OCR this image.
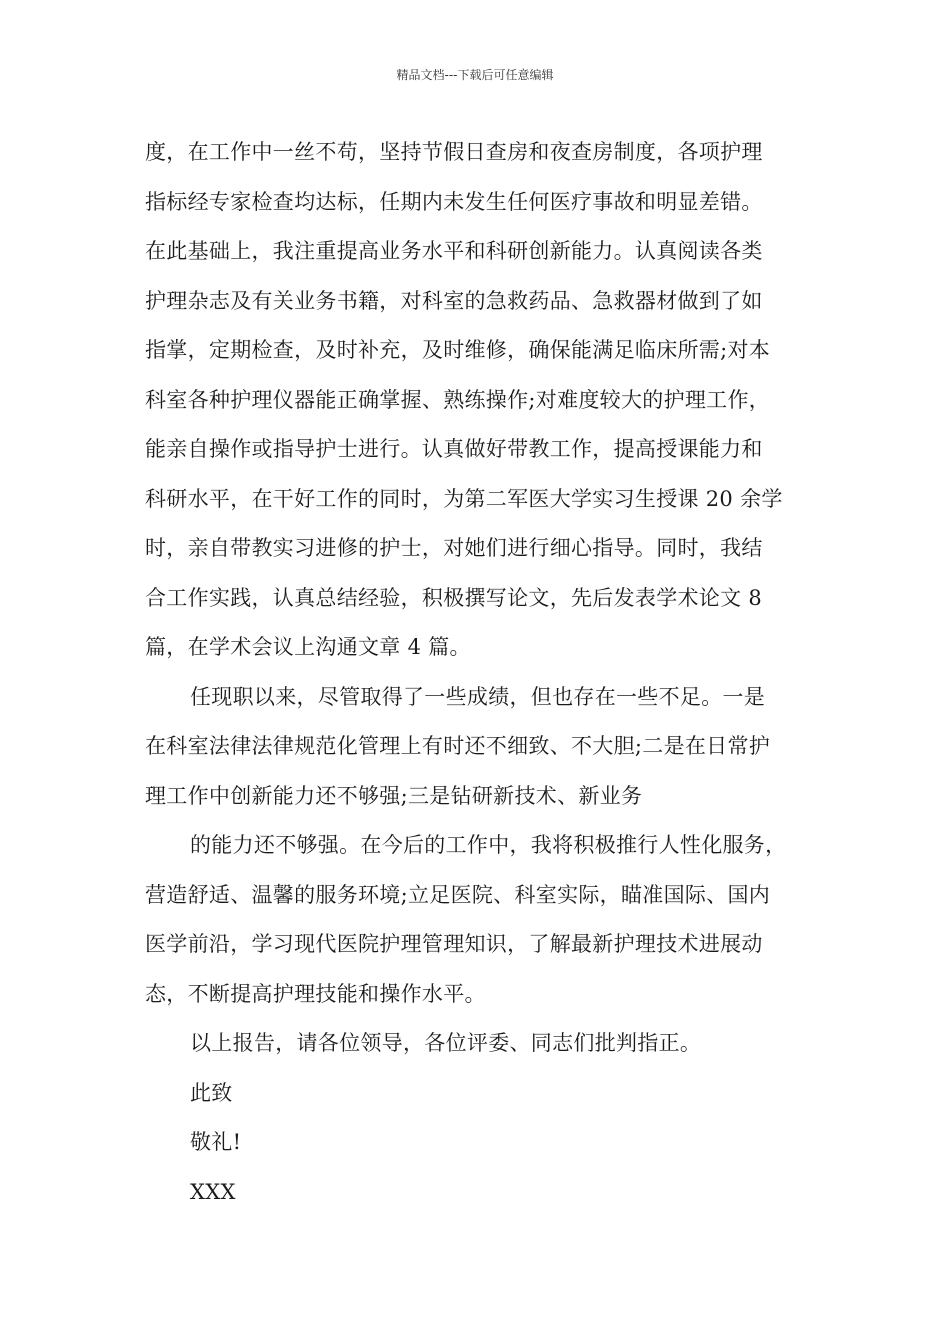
精品文档---下载后可任意编辑
度，在工作中一丝不苟，坚持节假日查房和夜查房制度，各项护理
指标经专家检查均达标，任期内未发生任何医疗事故和明显差错。
在此基础上，我注重提高业务水平和科研创新能力。认真阅读各类
护理杂志及有关业务书籍，对科室的急救药品、急救器材做到了如
指掌，定期检查，及时补充，及时维修，确保能满足临床所需;对本
科室各种护理仪器能正确掌握、熟练操作;对难度较大的护理工作，
能亲自操作或指导护士进行。认真做好带教工作，提高授课能力和
科研水平，在干好工作的同时，为第二军医大学实习生授课 20 余学
时，亲自带教实习进修的护士，对她们进行细心指导。同时，我结
合工作实践，认真总结经验，积极撰写论文，先后发表学术论文 8
篇，在学术会议上沟通文章 4 篇。
任现职以来，尽管取得了一些成绩，但也存在一些不足。一是
在科室法律法律规范化管理上有时还不细致、不大胆;二是在日常护
理工作中创新能力还不够强;三是钻研新技术、新业务
的能力还不够强。在今后的工作中，我将积极推行人性化服务，
营造舒适、温馨的服务环境;立足医院、科室实际，瞄准国际、国内
医学前沿，学习现代医院护理管理知识，了解最新护理技术进展动
态，不断提高护理技能和操作水平。
以上报告，请各位领导，各位评委、同志们批判指正。
此致
敬礼!
XXX
